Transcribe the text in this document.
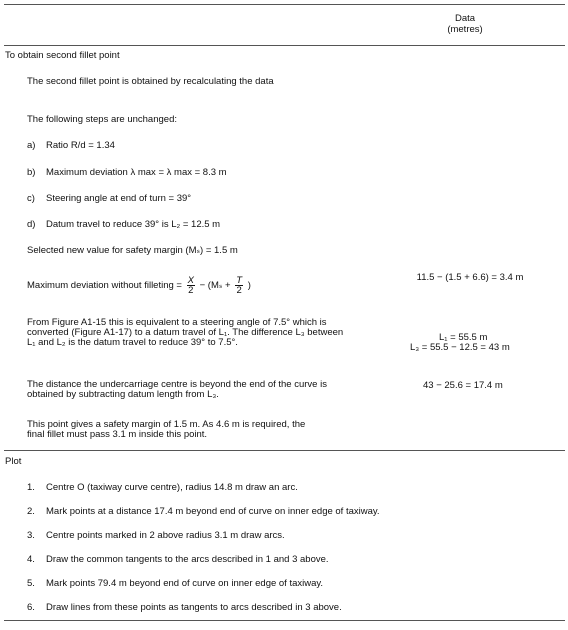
Data
(metres)
To obtain second fillet point
The second fillet point is obtained by recalculating the data
The following steps are unchanged:
a) Ratio R/d = 1.34
b) Maximum deviation λ max = λ max = 8.3 m
c) Steering angle at end of turn = 39°
d) Datum travel to reduce 39° is L₂ = 12.5 m
Selected new value for safety margin (Mₛ) = 1.5 m
Maximum deviation without filleting = $\frac{X}{2} - (M_s + \frac{T}{2}$ )
11.5 − (1.5 + 6.6) = 3.4 m
From Figure A1-15 this is equivalent to a steering angle of 7.5° which is converted (Figure A1-17) to a datum travel of L₁. The difference L₃ between L₁ and L₂ is the datum travel to reduce 39° to 7.5°.	L₁ = 55.5 m
L₃ = 55.5 − 12.5 = 43 m
The distance the undercarriage centre is beyond the end of the curve is obtained by subtracting datum length from L₃.
43 − 25.6 = 17.4 m
This point gives a safety margin of 1.5 m. As 4.6 m is required, the final fillet must pass 3.1 m inside this point.
Plot
1. Centre O (taxiway curve centre), radius 14.8 m draw an arc.
2. Mark points at a distance 17.4 m beyond end of curve on inner edge of taxiway.
3. Centre points marked in 2 above radius 3.1 m draw arcs.
4. Draw the common tangents to the arcs described in 1 and 3 above.
5. Mark points 79.4 m beyond end of curve on inner edge of taxiway.
6. Draw lines from these points as tangents to arcs described in 3 above.
